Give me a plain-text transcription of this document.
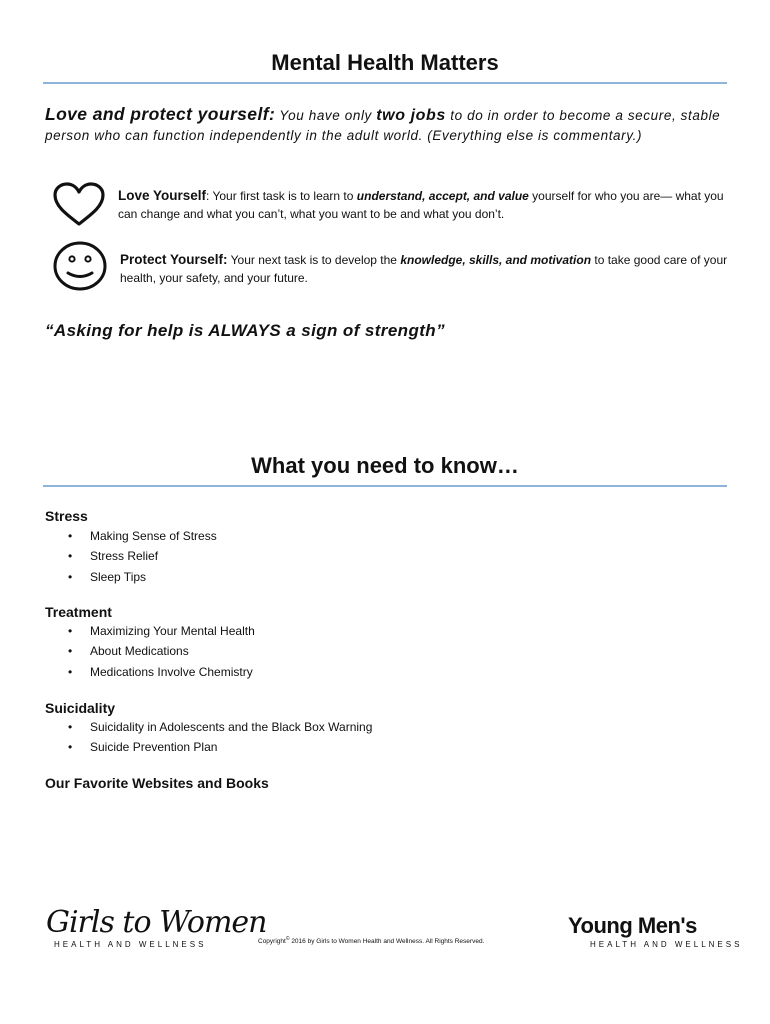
Mental Health Matters
Love and protect yourself: You have only two jobs to do in order to become a secure, stable person who can function independently in the adult world. (Everything else is commentary.)
Love Yourself: Your first task is to learn to understand, accept, and value yourself for who you are— what you can change and what you can’t, what you want to be and what you don’t.
Protect Yourself: Your next task is to develop the knowledge, skills, and motivation to take good care of your health, your safety, and your future.
“Asking for help is ALWAYS a sign of strength”
What you need to know…
Stress
• Making Sense of Stress
• Stress Relief
• Sleep Tips
Treatment
• Maximizing Your Mental Health
• About Medications
• Medications Involve Chemistry
Suicidality
• Suicidality in Adolescents and the Black Box Warning
• Suicide Prevention Plan
Our Favorite Websites and Books
Girls to Women
HEALTH AND WELLNESS	Copyright© 2016 by Girls to Women Health and Wellness. All Rights Reserved.
Young Men's
HEALTH AND WELLNESS
